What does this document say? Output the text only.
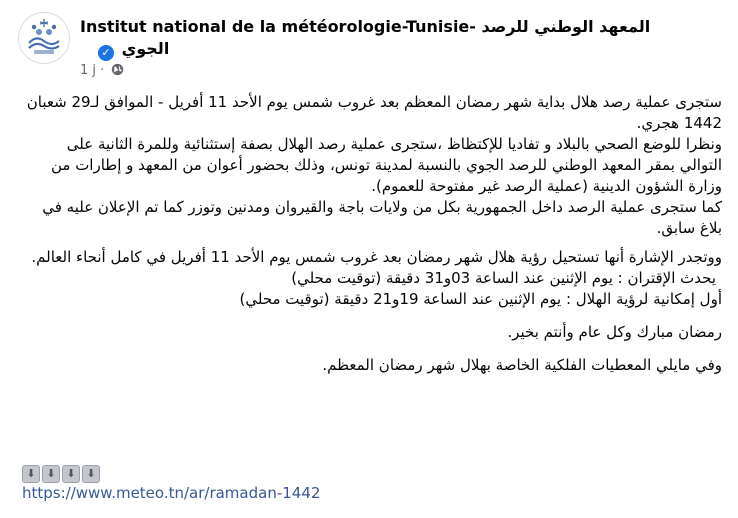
Institut national de la météorologie-Tunisie- المعهد الوطني للرصد
الجوي ✓
1 j ·

ستجرى عملية رصد هلال بداية شهر رمضان المعظم بعد غروب شمس يوم الأحد 11 أفريل - الموافق لـ29 شعبان 1442 هجري.

ونظرا للوضع الصحي بالبلاد و تفاديا للإكتظاظ ،ستجرى عملية رصد الهلال بصفة إستثنائية وللمرة الثانية على التوالي بمقر المعهد الوطني للرصد الجوي بالنسبة لمدينة تونس، وذلك بحضور أعوان من المعهد و إطارات من وزارة الشؤون الدينية (عملية الرصد غير مفتوحة للعموم).

كما ستجرى عملية الرصد داخل الجمهورية بكل من ولايات باجة والقيروان ومدنين وتوزر كما تم الإعلان عليه في بلاغ سابق.

ووتجدر الإشارة أنها تستحيل رؤية هلال شهر رمضان بعد غروب شمس يوم الأحد 11 أفريل في كامل أنحاء العالم.

يحدث الإقتران : يوم الإثنين عند الساعة 03و31 دقيقة (توقيت محلي)

أول إمكانية لرؤية الهلال : يوم الإثنين عند الساعة 19و21 دقيقة (توقيت محلي)

رمضان مبارك وكل عام وأنتم بخير.

وفي مايلي المعطيات الفلكية الخاصة بهلال شهر رمضان المعظم.

⬇ ⬇ ⬇ ⬇
https://www.meteo.tn/ar/ramadan-1442
